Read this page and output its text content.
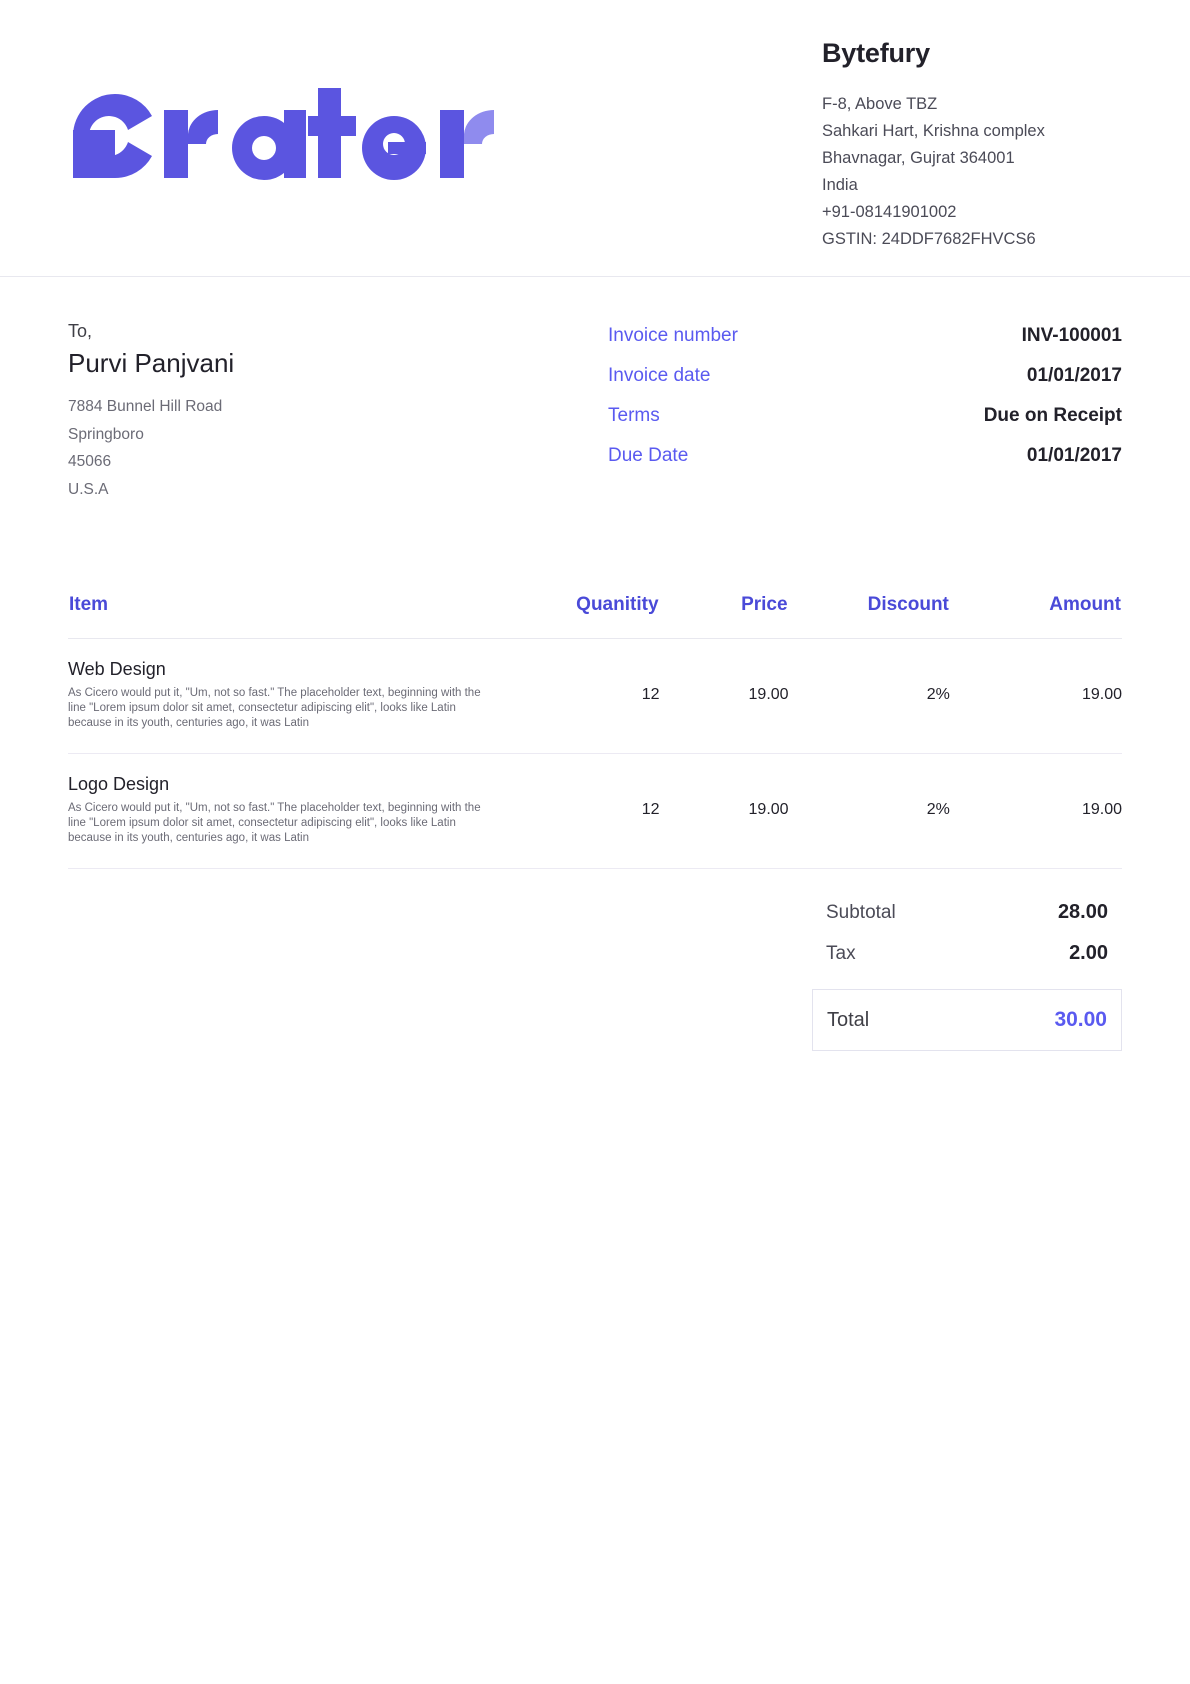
Bytefury
F-8, Above TBZ
Sahkari Hart, Krishna complex
Bhavnagar, Gujrat 364001
India
+91-08141901002
GSTIN: 24DDF7682FHVCS6
To,
Purvi Panjvani
7884 Bunnel Hill Road
Springboro
45066
U.S.A
Invoice number	INV-100001
Invoice date	01/01/2017
Terms	Due on Receipt
Due Date	01/01/2017
Item	Quanitity	Price	Discount	Amount

Web Design
As Cicero would put it, "Um, not so fast." The placeholder text, beginning with the line "Lorem ipsum dolor sit amet, consectetur adipiscing elit", looks like Latin because in its youth, centuries ago, it was Latin	12	19.00	2%	19.00

Logo Design
As Cicero would put it, "Um, not so fast." The placeholder text, beginning with the line "Lorem ipsum dolor sit amet, consectetur adipiscing elit", looks like Latin because in its youth, centuries ago, it was Latin	12	19.00	2%	19.00
Subtotal	28.00
Tax	2.00
Total	30.00
